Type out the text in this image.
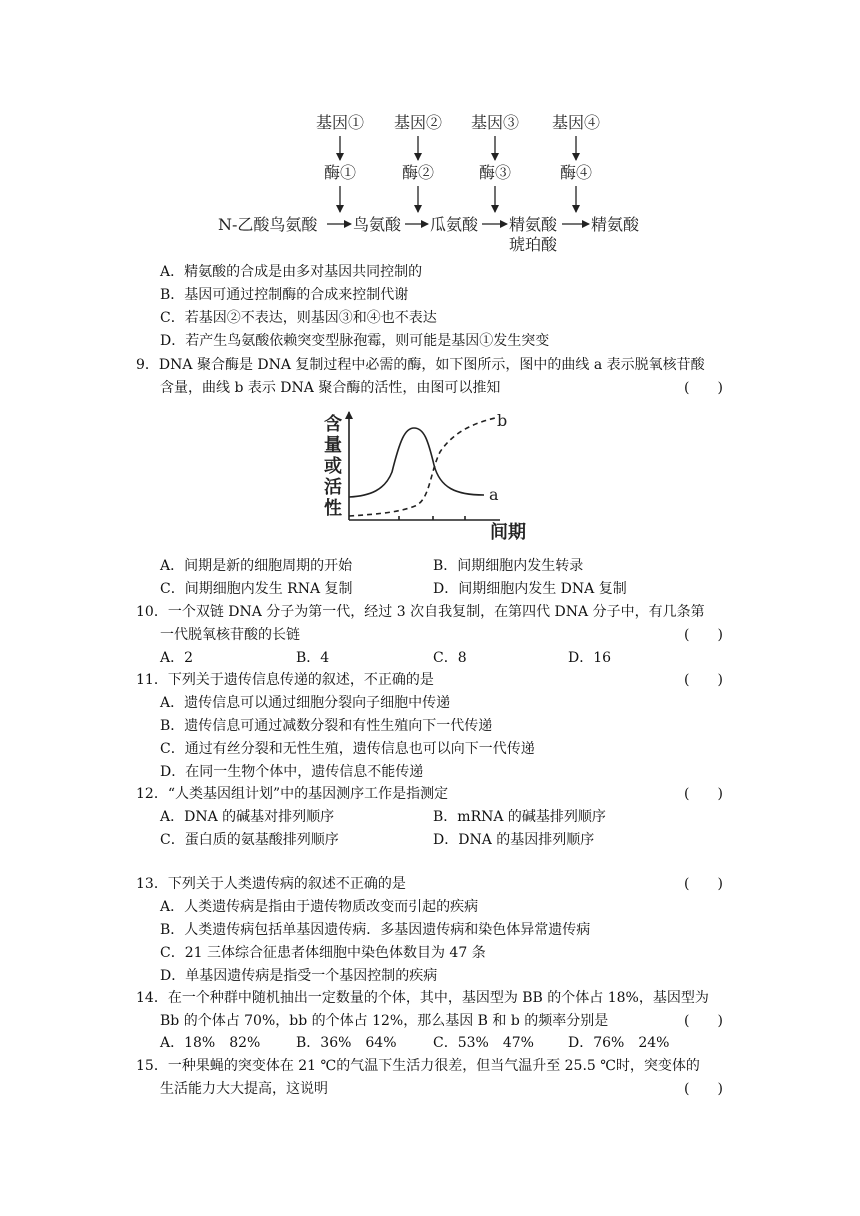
基因① 基因② 基因③ 基因④
酶①	酶②	酶③	酶④
N-乙酸鸟氨酸 鸟氨酸 瓜氨酸 精氨酸
琥珀酸
精氨酸
A．精氨酸的合成是由多对基因共同控制的
B．基因可通过控制酶的合成来控制代谢
C．若基因②不表达，则基因③和④也不表达
D．若产生鸟氨酸依赖突变型脉孢霉，则可能是基因①发生突变
9．DNA 聚合酶是 DNA 复制过程中必需的酶，如下图所示，图中的曲线 a 表示脱氧核苷酸
含量，曲线 b 表示 DNA 聚合酶的活性，由图可以推知	(　　)
含
量
或
活
性
间期
a
b
A．间期是新的细胞周期的开始	B．间期细胞内发生转录
C．间期细胞内发生 RNA 复制	D．间期细胞内发生 DNA 复制
10．一个双链 DNA 分子为第一代，经过 3 次自我复制，在第四代 DNA 分子中，有几条第
一代脱氧核苷酸的长链	(　　)
A．2	B．4	C．8	D．16
11．下列关于遗传信息传递的叙述，不正确的是	(　　)
A．遗传信息可以通过细胞分裂向子细胞中传递
B．遗传信息可通过减数分裂和有性生殖向下一代传递
C．通过有丝分裂和无性生殖，遗传信息也可以向下一代传递
D．在同一生物个体中，遗传信息不能传递
12．“人类基因组计划”中的基因测序工作是指测定	(　　)
A．DNA 的碱基对排列顺序	B．mRNA 的碱基排列顺序
C．蛋白质的氨基酸排列顺序	D．DNA 的基因排列顺序
13．下列关于人类遗传病的叙述不正确的是	(　　)
A．人类遗传病是指由于遗传物质改变而引起的疾病
B．人类遗传病包括单基因遗传病．多基因遗传病和染色体异常遗传病
C．21 三体综合征患者体细胞中染色体数目为 47 条
D．单基因遗传病是指受一个基因控制的疾病
14．在一个种群中随机抽出一定数量的个体，其中，基因型为 BB 的个体占 18%，基因型为
Bb 的个体占 70%，bb 的个体占 12%，那么基因 B 和 b 的频率分别是	(　　)
A．18%　82%	B．36%　64%	C．53%　47% D．76%　24%
15．一种果蝇的突变体在 21 ℃的气温下生活力很差，但当气温升至 25.5 ℃时，突变体的
生活能力大大提高，这说明	(　　)
